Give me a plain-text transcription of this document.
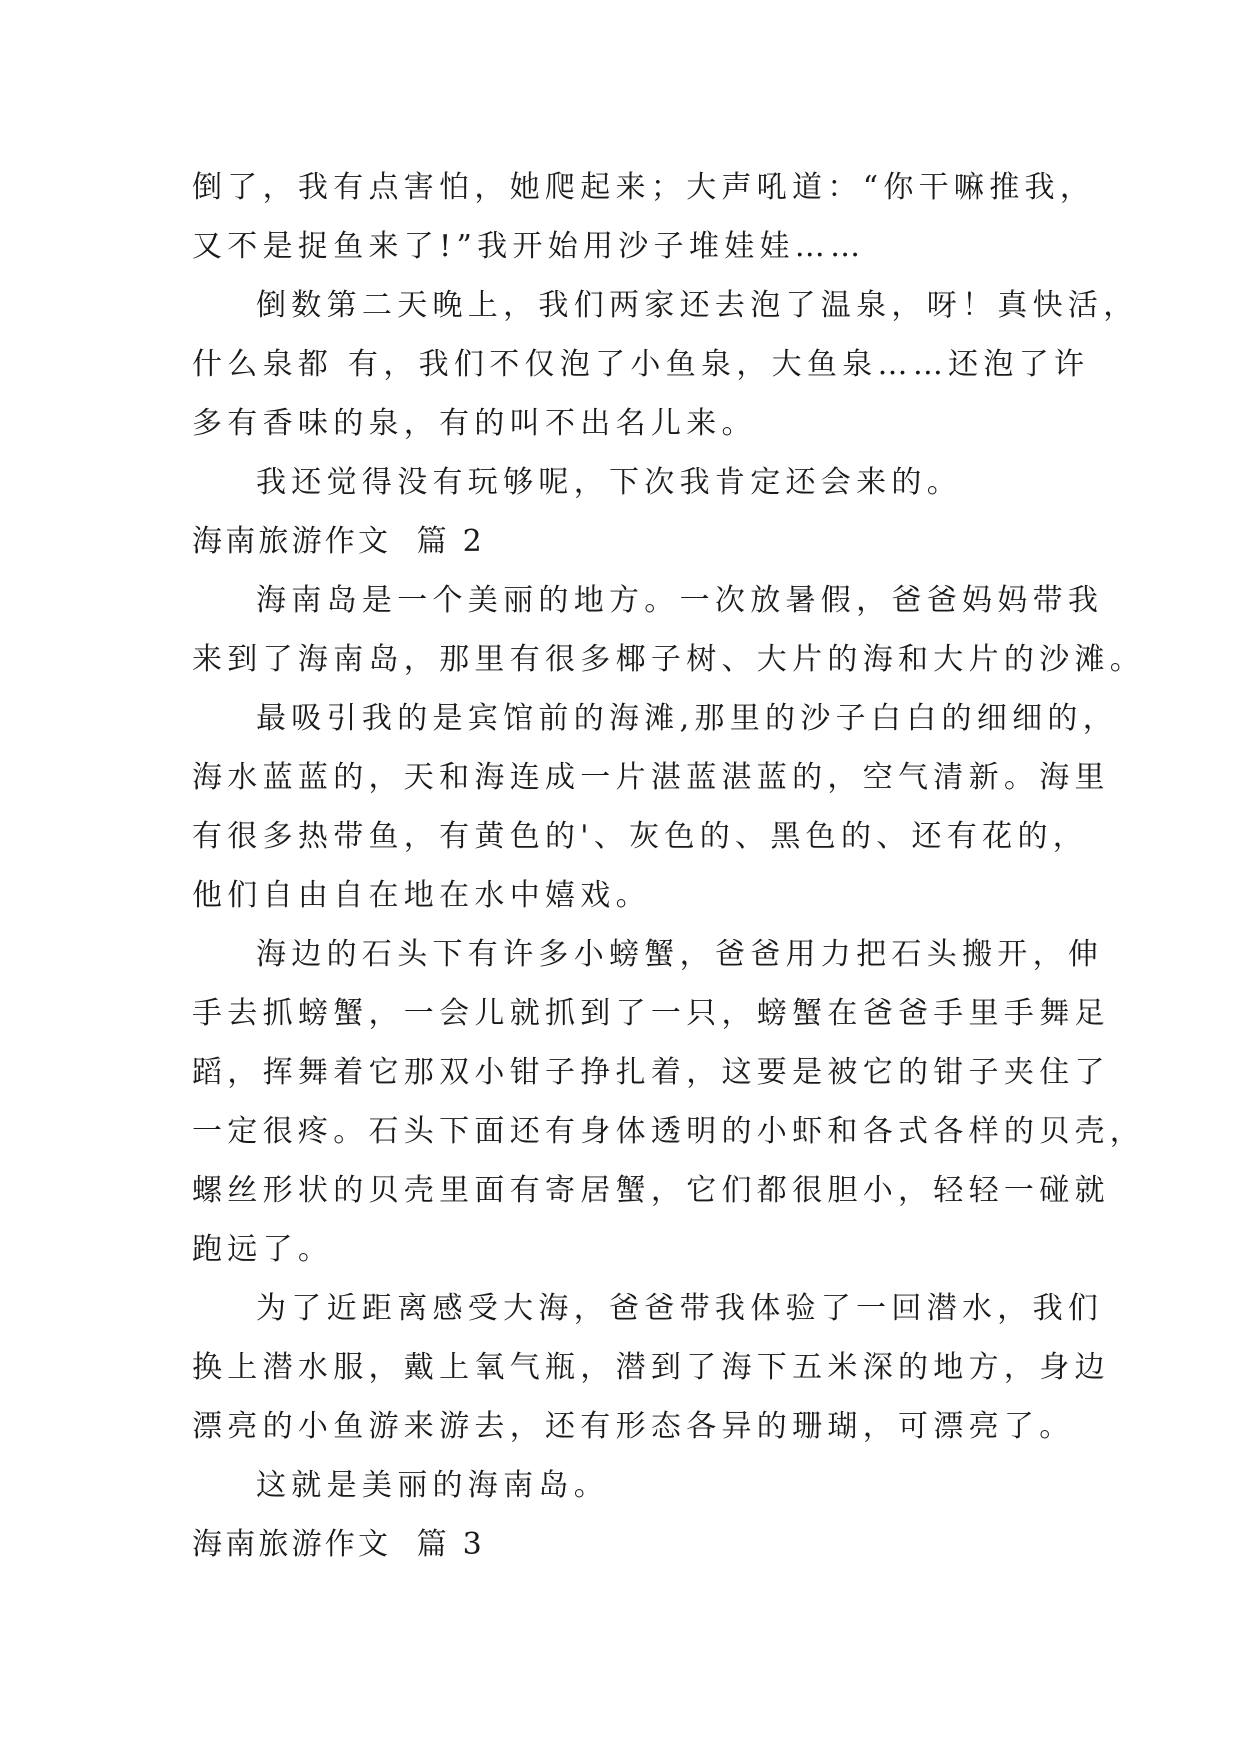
倒了，我有点害怕，她爬起来；大声吼道：“你干嘛推我，
又不是捉鱼来了!”我开始用沙子堆娃娃……
倒数第二天晚上，我们两家还去泡了温泉，呀！真快活，
什么泉都 有，我们不仅泡了小鱼泉，大鱼泉……还泡了许
多有香味的泉，有的叫不出名儿来。
我还觉得没有玩够呢，下次我肯定还会来的。
海南旅游作文  篇 2
海南岛是一个美丽的地方。一次放暑假，爸爸妈妈带我
来到了海南岛，那里有很多椰子树、大片的海和大片的沙滩。
最吸引我的是宾馆前的海滩,那里的沙子白白的细细的，
海水蓝蓝的，天和海连成一片湛蓝湛蓝的，空气清新。海里
有很多热带鱼，有黄色的'、灰色的、黑色的、还有花的，
他们自由自在地在水中嬉戏。
海边的石头下有许多小螃蟹，爸爸用力把石头搬开，伸
手去抓螃蟹，一会儿就抓到了一只，螃蟹在爸爸手里手舞足
蹈，挥舞着它那双小钳子挣扎着，这要是被它的钳子夹住了
一定很疼。石头下面还有身体透明的小虾和各式各样的贝壳，
螺丝形状的贝壳里面有寄居蟹，它们都很胆小，轻轻一碰就
跑远了。
为了近距离感受大海，爸爸带我体验了一回潜水，我们
换上潜水服，戴上氧气瓶，潜到了海下五米深的地方，身边
漂亮的小鱼游来游去，还有形态各异的珊瑚，可漂亮了。
这就是美丽的海南岛。
海南旅游作文  篇 3
